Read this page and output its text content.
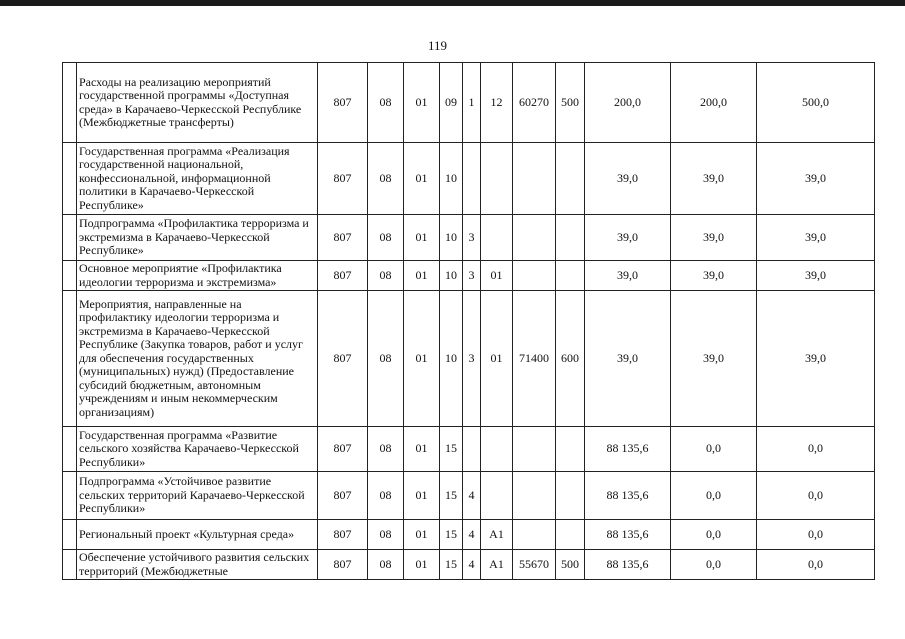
119
	Расходы на реализацию мероприятий государственной программы «Доступная среда» в Карачаево-Черкесской Республике (Межбюджетные трансферты)	807	08	01	09	1	12	60270	500	200,0	200,0	500,0
	Государственная программа «Реализация государственной национальной, конфессиональной, информационной политики в Карачаево-Черкесской Республике»	807	08	01	10					39,0	39,0	39,0
	Подпрограмма «Профилактика терроризма и экстремизма в Карачаево-Черкесской Республике»	807	08	01	10	3				39,0	39,0	39,0
	Основное мероприятие «Профилактика идеологии терроризма и экстремизма»	807	08	01	10	3	01			39,0	39,0	39,0
	Мероприятия, направленные на профилактику идеологии терроризма и экстремизма в Карачаево-Черкесской Республике (Закупка товаров, работ и услуг для обеспечения государственных (муниципальных) нужд) (Предоставление субсидий бюджетным, автономным учреждениям и иным некоммерческим организациям)	807	08	01	10	3	01	71400	600	39,0	39,0	39,0
	Государственная программа «Развитие сельского хозяйства Карачаево-Черкесской Республики»	807	08	01	15					88 135,6	0,0	0,0
	Подпрограмма «Устойчивое развитие сельских территорий Карачаево-Черкесской Республики»	807	08	01	15	4				88 135,6	0,0	0,0
	Региональный проект «Культурная среда»	807	08	01	15	4	A1			88 135,6	0,0	0,0
	Обеспечение устойчивого развития сельских территорий (Межбюджетные	807	08	01	15	4	A1	55670	500	88 135,6	0,0	0,0
